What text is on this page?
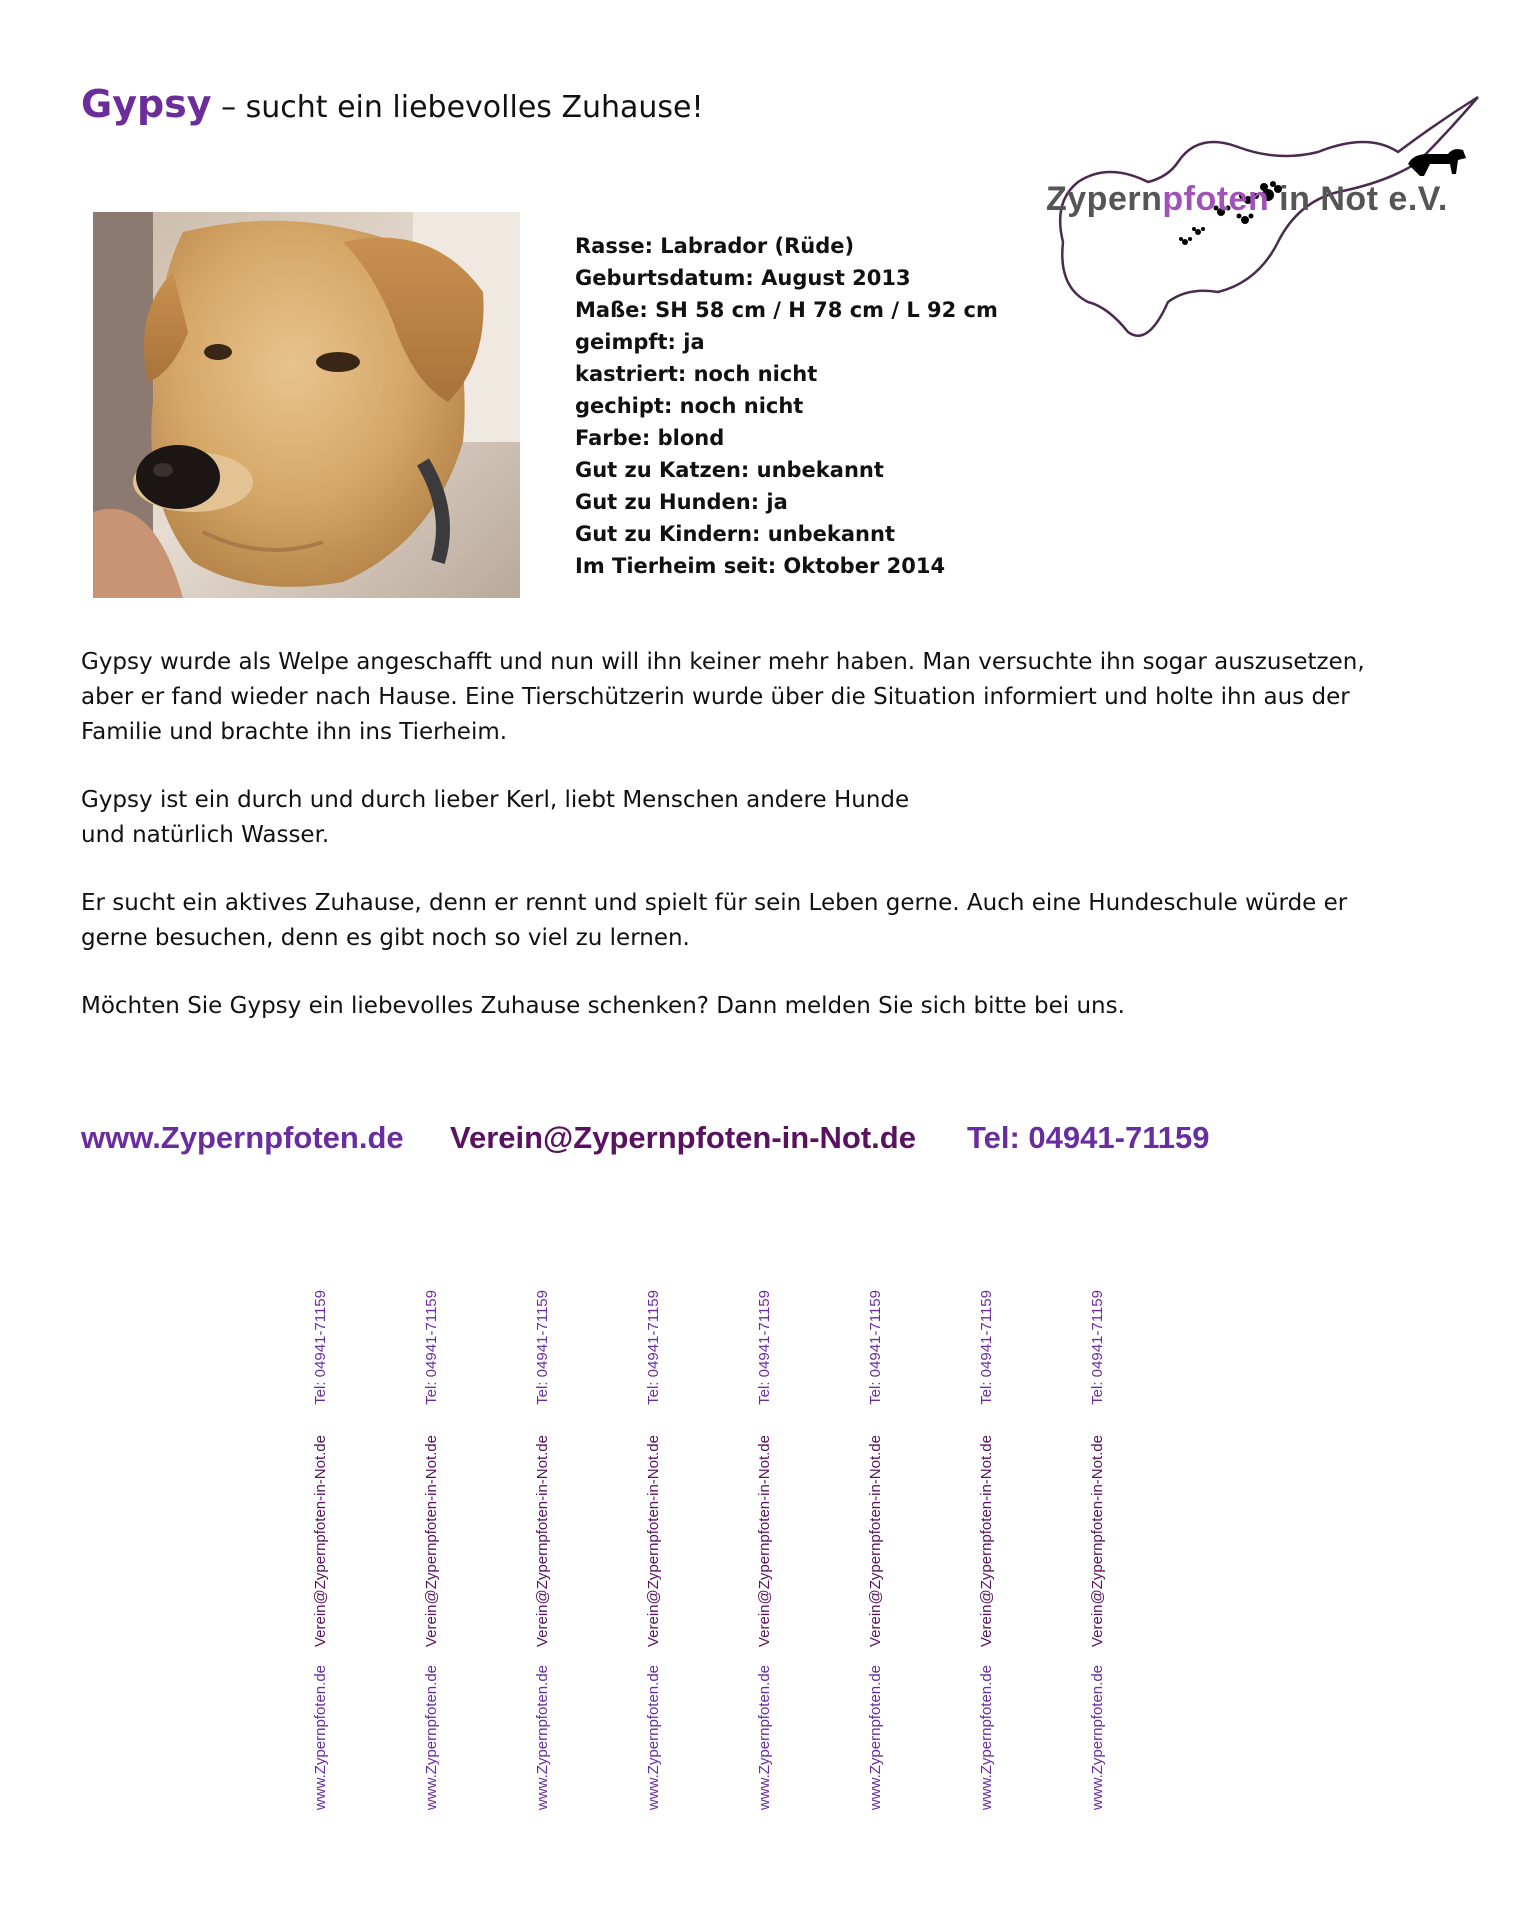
Gypsy – sucht ein liebevolles Zuhause!
Rasse: Labrador (Rüde)
Geburtsdatum: August 2013
Maße: SH 58 cm / H 78 cm / L 92 cm
geimpft: ja
kastriert: noch nicht
gechipt: noch nicht
Farbe: blond
Gut zu Katzen: unbekannt
Gut zu Hunden: ja
Gut zu Kindern: unbekannt
Im Tierheim seit: Oktober 2014
Zypernpfoten in Not e.V.

Gypsy wurde als Welpe angeschafft und nun will ihn keiner mehr haben. Man versuchte ihn sogar auszusetzen, aber er fand wieder nach Hause. Eine Tierschützerin wurde über die Situation informiert und holte ihn aus der Familie und brachte ihn ins Tierheim.

Gypsy ist ein durch und durch lieber Kerl, liebt Menschen andere Hunde und natürlich Wasser.

Er sucht ein aktives Zuhause, denn er rennt und spielt für sein Leben gerne. Auch eine Hundeschule würde er gerne besuchen, denn es gibt noch so viel zu lernen.

Möchten Sie Gypsy ein liebevolles Zuhause schenken? Dann melden Sie sich bitte bei uns.

www.Zypernpfoten.de Verein@Zypernpfoten-in-Not.de Tel: 04941-71159
Tel: 04941-71159
Verein@Zypernpfoten-in-Not.de
www.Zypernpfoten.de
Tel: 04941-71159
Verein@Zypernpfoten-in-Not.de
www.Zypernpfoten.de
Tel: 04941-71159
Verein@Zypernpfoten-in-Not.de
www.Zypernpfoten.de
Tel: 04941-71159
Verein@Zypernpfoten-in-Not.de
www.Zypernpfoten.de
Tel: 04941-71159
Verein@Zypernpfoten-in-Not.de
www.Zypernpfoten.de
Tel: 04941-71159
Verein@Zypernpfoten-in-Not.de
www.Zypernpfoten.de
Tel: 04941-71159
Verein@Zypernpfoten-in-Not.de
www.Zypernpfoten.de
Tel: 04941-71159
Verein@Zypernpfoten-in-Not.de
www.Zypernpfoten.de
